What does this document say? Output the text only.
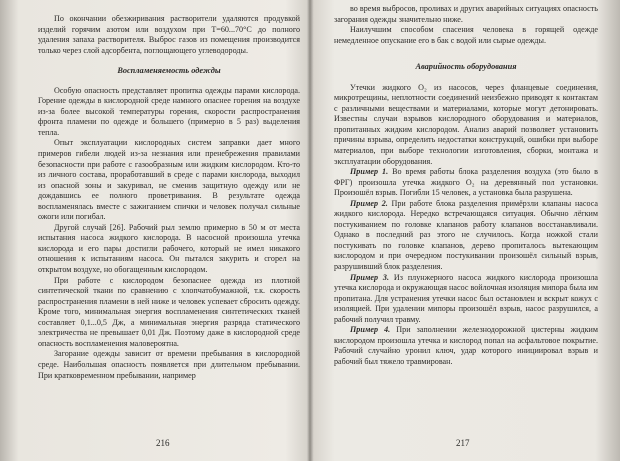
По окончании обезжиривания растворители удаляются продувкой изделий горячим азотом или воздухом при T=60...70°C до полного удаления запаха растворителя. Выброс газов из помещения производится только через слой адсорбента, поглощающего углеводороды.

Воспламеняемость одежды

Особую опасность представляет пропитка одежды парами кислорода. Горение одежды в кислородной среде намного опаснее горения на воздухе из-за более высокой температуры горения, скорости распространения фронта пламени по одежде и большего (примерно в 5 раз) выделения тепла.

Опыт эксплуатации кислородных систем заправки дает много примеров гибели людей из-за незнания или пренебрежения правилами безопасности при работе с газообразным или жидким кислородом. Кто-то из личного состава, проработавший в среде с парами кислорода, выходил из опасной зоны и закуривал, не сменив защитную одежду или не дождавшись ее полного проветривания. В результате одежда воспламенялась вместе с зажиганием спички и человек получал сильные ожоги или погибал.

Другой случай [26]. Рабочий рыл землю примерно в 50 м от места испытания насоса жидкого кислорода. В насосной произошла утечка кислорода и его пары достигли рабочего, который не имел никакого отношения к испытаниям насоса. Он пытался закурить и сгорел на открытом воздухе, но обогащенным кислородом.

При работе с кислородом безопаснее одежда из плотной синтетической ткани по сравнению с хлопчатобумажной, т.к. скорость распространения пламени в ней ниже и человек успевает сбросить одежду. Кроме того, минимальная энергия воспламенения синтетических тканей составляет 0,1...0,5 Дж, а минимальная энергия разряда статического электричества не превышает 0,01 Дж. Поэтому даже в кислородной среде опасность воспламенения маловероятна.

Загорание одежды зависит от времени пребывания в кислородной среде. Наибольшая опасность появляется при длительном пребывании. При кратковременном пребывании, например

216

во время выбросов, проливах и других аварийных ситуациях опасность загорания одежды значительно ниже.

Наилучшим способом спасения человека в горящей одежде немедленное опускание его в бак с водой или сырые одежды.

Аварийность оборудования

Утечки жидкого O₂ из насосов, через фланцевые соединения, микротрещины, неплотности соединений неизбежно приводят к контактам с различными веществами и материалами, которые могут детонировать. Известны случаи взрывов кислородного оборудования и материалов, пропитанных жидким кислородом. Анализ аварий позволяет установить причины взрыва, определить недостатки конструкций, ошибки при выборе материалов, при выборе технологии изготовления, сборки, монтажа и эксплуатации оборудования.

Пример 1. Во время работы блока разделения воздуха (это было в ФРГ) произошла утечка жидкого O₂ на деревянный пол установки. Произошёл взрыв. Погибли 15 человек, а установка была разрушена.

Пример 2. При работе блока разделения примёрзли клапаны насоса жидкого кислорода. Нередко встречающаяся ситуация. Обычно лёгким постукиванием по головке клапанов работу клапанов восстанавливали. Однако в последний раз этого не случилось. Когда ножкой стали постукивать по головке клапанов, дерево пропиталось вытекающим кислородом и при очередном постукивании произошёл сильный взрыв, разрушивший блок разделения.

Пример 3. Из плунжерного насоса жидкого кислорода произошла утечка кислорода и окружающая насос войлочная изоляция мипора была им пропитана. Для устранения утечки насос был остановлен и вскрыт кожух с изоляцией. При удалении мипоры произошёл взрыв, насос разрушился, а рабочий получил травму.

Пример 4. При заполнении железнодорожной цистерны жидким кислородом произошла утечка и кислород попал на асфальтовое покрытие. Рабочий случайно уронил ключ, удар которого инициировал взрыв и рабочий был тяжело травмирован.

217
